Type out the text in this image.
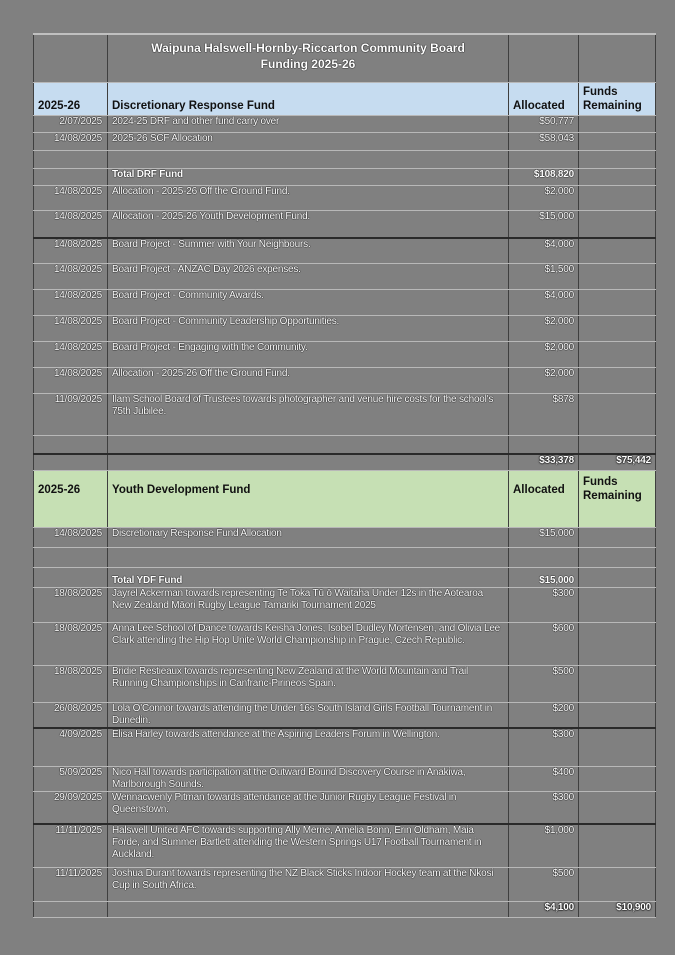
	Waipuna Halswell-Hornby-Riccarton Community Board
Funding 2025-26		

2025-26	Discretionary Response Fund	Allocated	Funds Remaining
2/07/2025	2024-25 DRF and other fund carry over	$50,777	
14/08/2025	2025-26 SCF Allocation	$58,043	

	Total DRF Fund	$108,820	
14/08/2025	Allocation - 2025-26 Off the Ground Fund.	$2,000	
14/08/2025	Allocation - 2025-26 Youth Development Fund.	$15,000	
14/08/2025	Board Project - Summer with Your Neighbours.	$4,000	
14/08/2025	Board Project - ANZAC Day 2026 expenses.	$1,500	
14/08/2025	Board Project - Community Awards.	$4,000	
14/08/2025	Board Project - Community Leadership Opportunities.	$2,000	
14/08/2025	Board Project - Engaging with the Community.	$2,000	
14/08/2025	Allocation - 2025-26 Off the Ground Fund.	$2,000	
11/09/2025	Ilam School Board of Trustees towards photographer and venue hire costs for the school's 75th Jubilee.	$878	

		$33,378	$75,442
2025-26	Youth Development Fund	Allocated	Funds Remaining
14/08/2025	Discretionary Response Fund Allocation	$15,000	

	Total YDF Fund	$15,000	
18/08/2025	Jayrel Ackerman towards representing Te Toka Tū ō Waitaha Under 12s in the Aotearoa New Zealand Māori Rugby League Tamariki Tournament 2025	$300	
18/08/2025	Anna Lee School of Dance towards Keisha Jones, Isobel Dudley Mortensen, and Olivia Lee Clark attending the Hip Hop Unite World Championship in Prague, Czech Republic.	$600	
18/08/2025	Bridie Restieaux towards representing New Zealand at the World Mountain and Trail Running Championships in Canfranc-Pirineos Spain.	$500	
26/08/2025	Lola O'Connor towards attending the Under 16s South Island Girls Football Tournament in Dunedin.	$200	
4/09/2025	Elisa Harley towards attendance at the Aspiring Leaders Forum in Wellington.	$300	
5/09/2025	Nico Hall towards participation at the Outward Bound Discovery Course in Anakiwa, Marlborough Sounds.	$400	
29/09/2025	Wennacwenly Pitman towards attendance at the Junior Rugby League Festival in Queenstown.	$300	
11/11/2025	Halswell United AFC towards supporting Ally Merne, Amelia Bonn, Erin Oldham, Maia Forde, and Summer Bartlett attending the Western Springs U17 Football Tournament in Auckland.	$1,000	
11/11/2025	Joshua Durant towards representing the NZ Black Sticks Indoor Hockey team at the Nkosi Cup in South Africa.	$500	
		$4,100	$10,900
